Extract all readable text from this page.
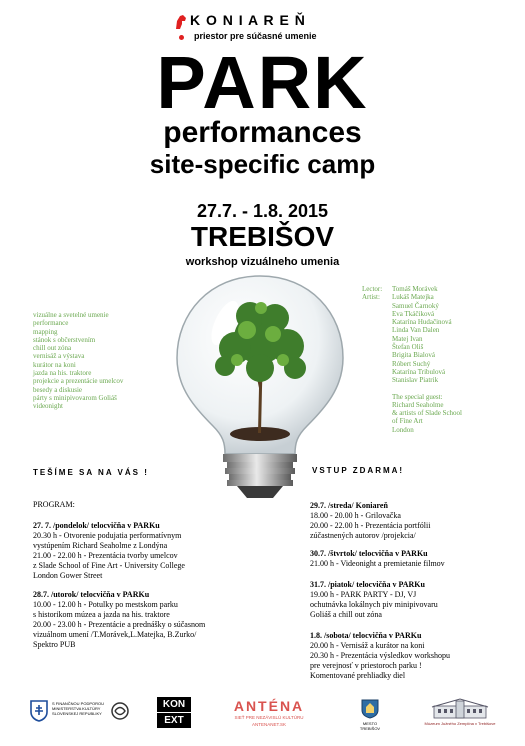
K O N I A R E Ň
priestor pre súčasné umenie
PARK
performances
site-specific camp
27.7. - 1.8. 2015
TREBIŠOV
workshop vizuálneho umenia
vizuálne a svetelné umenie
performance
mapping
stánok s občerstvením
chill out zóna
vernisáž a výstava
kurátor na koni
jazda na his. traktore
projekcie a prezentácie umelcov
besedy a diskusie
párty s minipivovarom Goliáš
videonight
Lector:
Artist:
Tomáš Morávek
Lukáš Matejka
Samuel Čarnoký
Eva Tkáčiková
Katarína Hudačinová
Linda Van Dalen
Matej Ivan
Štefan Oliš
Brigita Bialová
Róbert Suchý
Katarína Tribulová
Stanislav Piatrik
The special guest:
Richard Seaholme
& artists of Slade School
of Fine Art
London
TEŠÍME SA NA VÁS !	VSTUP ZDARMA!
PROGRAM:
27. 7. /pondelok/ telocvičňa v PARKu
20.30 h - Otvorenie podujatia performatívnym
vystúpením Richard Seaholme z Londýna
21.00 - 22.00 h - Prezentácia tvorby umelcov
z Slade School of Fine Art - University College
London Gower Street
28.7. /utorok/ telocvičňa v PARKu
10.00 - 12.00 h - Potulky po mestskom parku
s historikom múzea a jazda na his. traktore
20.00 - 23.00 h - Prezentácie a prednášky o súčasnom
vizuálnom umení /T.Morávek,L.Matejka, B.Zurko/
Spektro PUB
29.7. /streda/ Koniareň
18.00 - 20.00 h - Grilovačka
20.00 - 22.00 h - Prezentácia portfólii
zúčastnených autorov /projekcia/
30.7. /štvrtok/ telocvičňa v PARKu
21.00 h - Videonight a premietanie filmov
31.7. /piatok/ telocvičňa v PARKu
19.00 h - PARK PARTY - DJ, VJ
ochutnávka lokálnych piv minipivovaru
Goliáš a chill out zóna
1.8. /sobota/ telocvičňa v PARKu
20.00 h - Vernisáž a kurátor na koni
20.30 h - Prezentácia výsledkov workshopu
pre verejnosť v priestoroch parku !
Komentované prehliadky diel
S FINANČNOU PODPOROU MINISTERSTVA KULTÚRY SLOVENSKEJ REPUBLIKY
KON
EXT
ANTÉNA
SIEŤ PRE NEZÁVISLÚ KULTÚRU
ANTENANET.SK	MESTO TREBIŠOV
Múzeum Južného Zemplína v Trebišove
